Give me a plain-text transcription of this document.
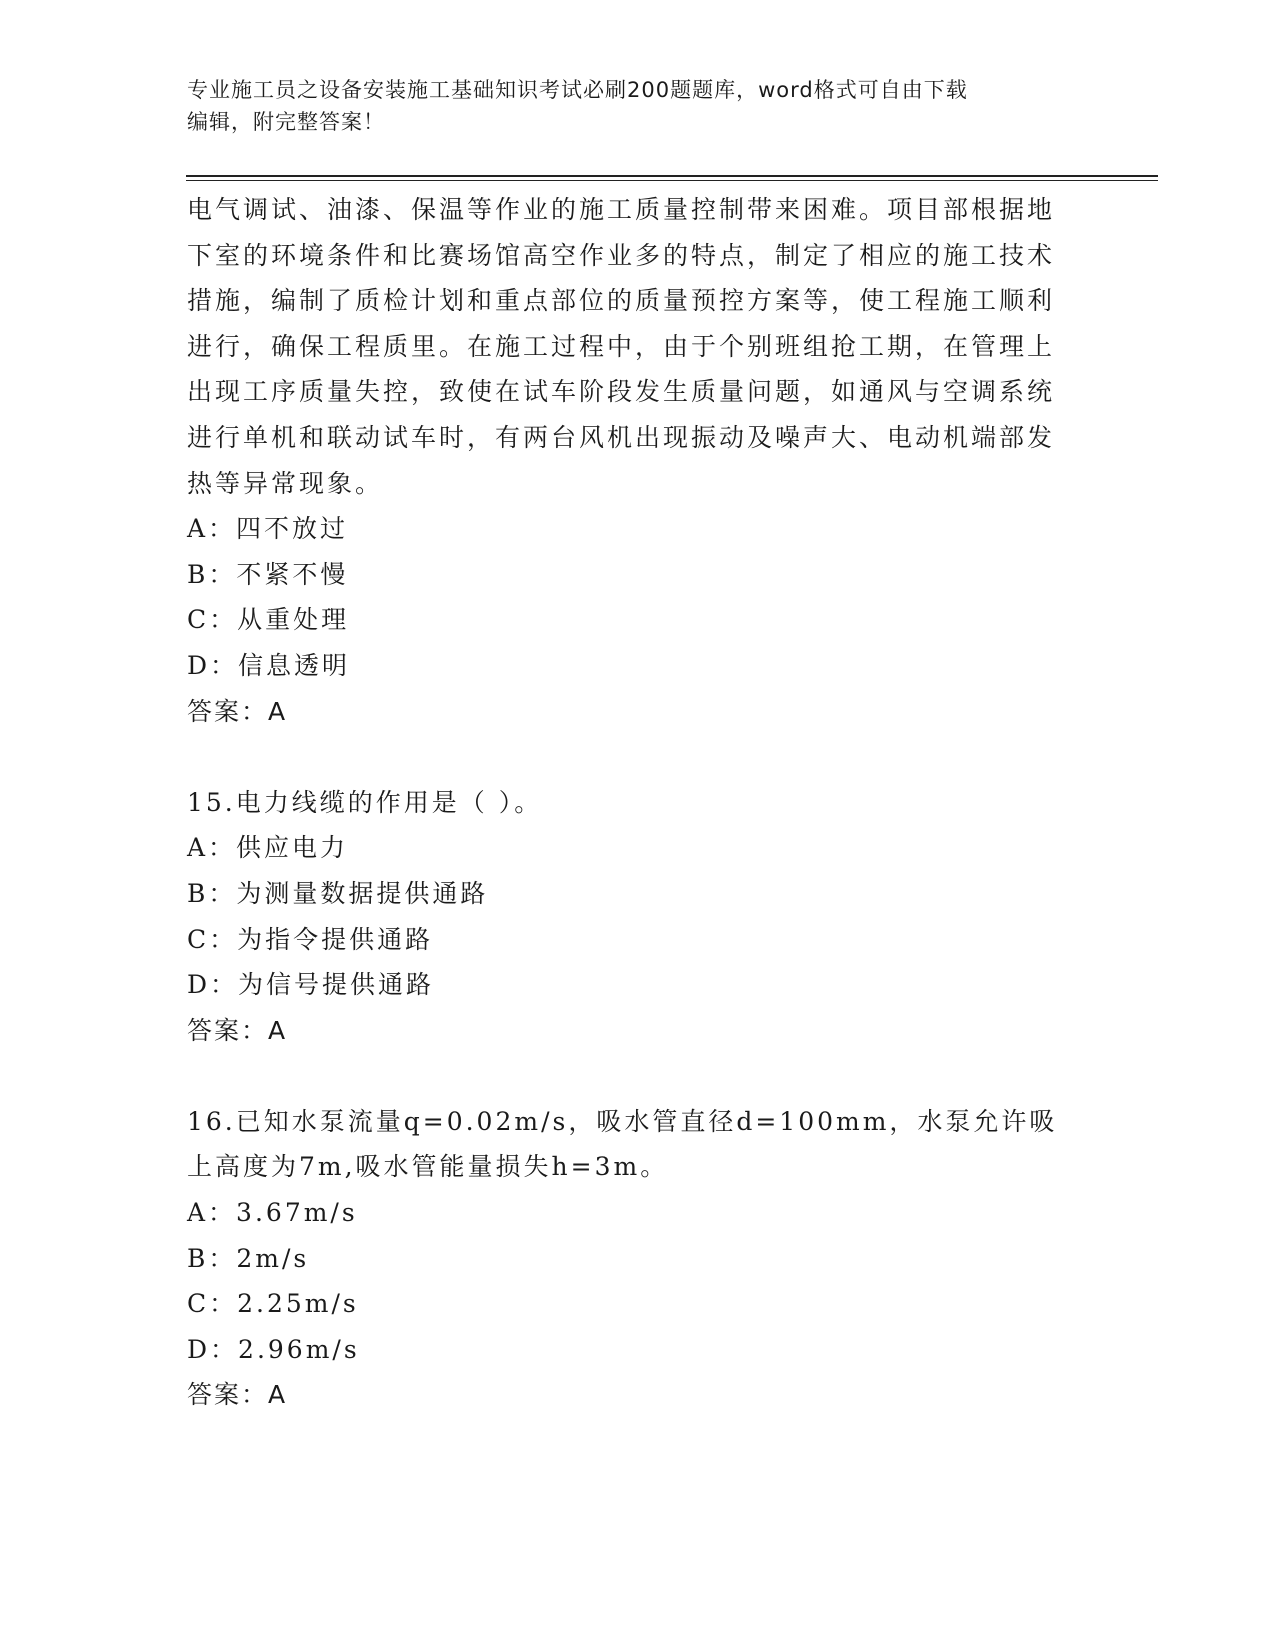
专业施工员之设备安装施工基础知识考试必刷200题题库，word格式可自由下载
编辑，附完整答案！

电气调试、油漆、保温等作业的施工质量控制带来困难。项目部根据地下室的环境条件和比赛场馆高空作业多的特点，制定了相应的施工技术措施，编制了质检计划和重点部位的质量预控方案等，使工程施工顺利进行，确保工程质里。在施工过程中，由于个别班组抢工期，在管理上出现工序质量失控，致使在试车阶段发生质量问题，如通风与空调系统进行单机和联动试车时，有两台风机出现振动及噪声大、电动机端部发热等异常现象。

A：四不放过
B：不紧不慢
C：从重处理
D：信息透明
答案：A
15.电力线缆的作用是（ ）。
A：供应电力
B：为测量数据提供通路
C：为指令提供通路
D：为信号提供通路
答案：A

16.已知水泵流量q=0.02m/s，吸水管直径d=100mm，水泵允许吸上高度为7m,吸水管能量损失h=3m。

A：3.67m/s
B：2m/s
C：2.25m/s
D：2.96m/s
答案：A
